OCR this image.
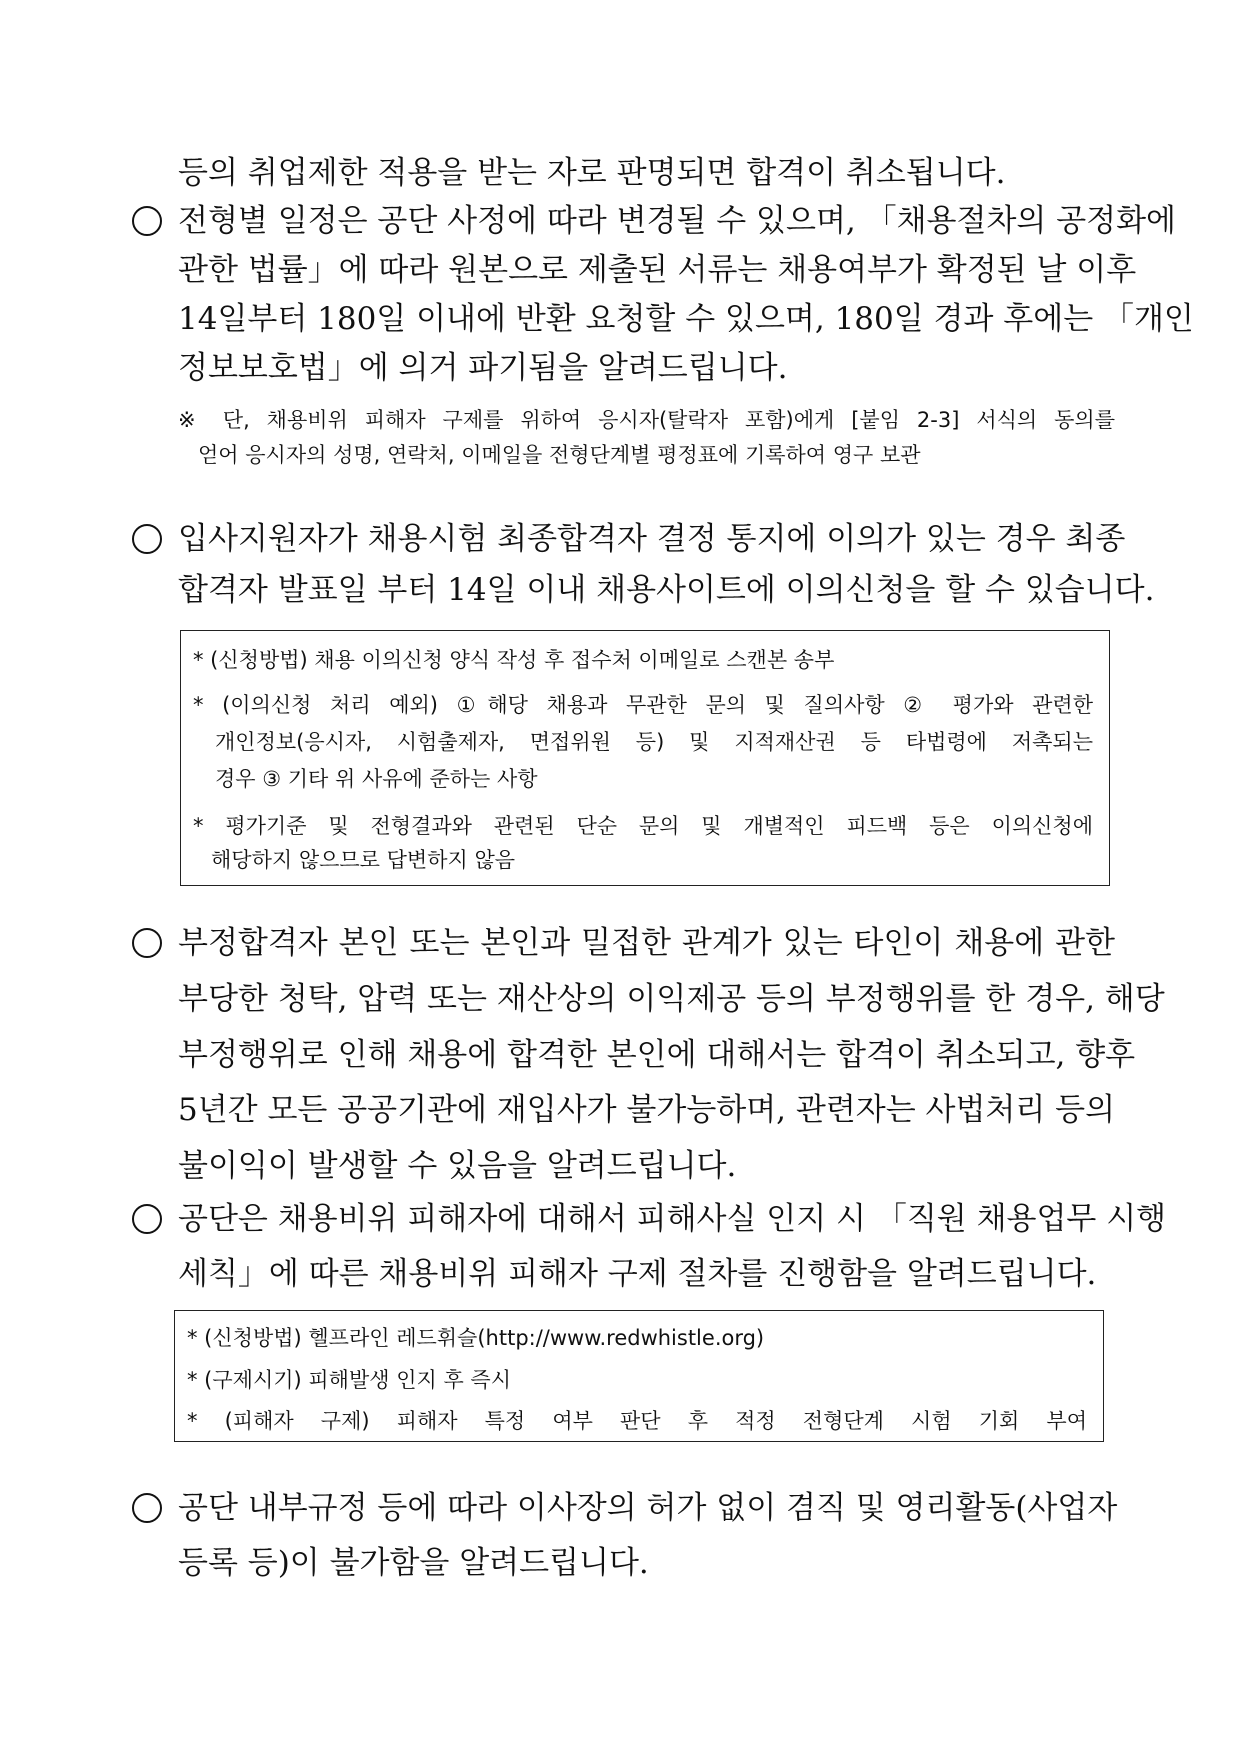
등의 취업제한 적용을 받는 자로 판명되면 합격이 취소됩니다.
전형별 일정은 공단 사정에 따라 변경될 수 있으며, 「채용절차의 공정화에
관한 법률」에 따라 원본으로 제출된 서류는 채용여부가 확정된 날 이후
14일부터 180일 이내에 반환 요청할 수 있으며, 180일 경과 후에는 「개인
정보보호법」에 의거 파기됨을 알려드립니다.
※ 단, 채용비위 피해자 구제를 위하여 응시자(탈락자 포함)에게 [붙임 2-3] 서식의 동의를
얻어 응시자의 성명, 연락처, 이메일을 전형단계별 평정표에 기록하여 영구 보관
입사지원자가 채용시험 최종합격자 결정 통지에 이의가 있는 경우 최종
합격자 발표일 부터 14일 이내 채용사이트에 이의신청을 할 수 있습니다.
* (신청방법) 채용 이의신청 양식 작성 후 접수처 이메일로 스캔본 송부
* (이의신청 처리 예외) ①해당 채용과 무관한 문의 및 질의사항 ② 평가와 관련한
개인정보(응시자, 시험출제자, 면접위원 등) 및 지적재산권 등 타법령에 저촉되는
경우 ③ 기타 위 사유에 준하는 사항
* 평가기준 및 전형결과와 관련된 단순 문의 및 개별적인 피드백 등은 이의신청에
해당하지 않으므로 답변하지 않음
부정합격자 본인 또는 본인과 밀접한 관계가 있는 타인이 채용에 관한
부당한 청탁, 압력 또는 재산상의 이익제공 등의 부정행위를 한 경우, 해당
부정행위로 인해 채용에 합격한 본인에 대해서는 합격이 취소되고, 향후
5년간 모든 공공기관에 재입사가 불가능하며, 관련자는 사법처리 등의
불이익이 발생할 수 있음을 알려드립니다.
공단은 채용비위 피해자에 대해서 피해사실 인지 시 「직원 채용업무 시행
세칙」에 따른 채용비위 피해자 구제 절차를 진행함을 알려드립니다.
* (신청방법) 헬프라인 레드휘슬(http://www.redwhistle.org)
* (구제시기) 피해발생 인지 후 즉시
* (피해자 구제) 피해자 특정 여부 판단 후 적정 전형단계 시험 기회 부여
공단 내부규정 등에 따라 이사장의 허가 없이 겸직 및 영리활동(사업자
등록 등)이 불가함을 알려드립니다.
